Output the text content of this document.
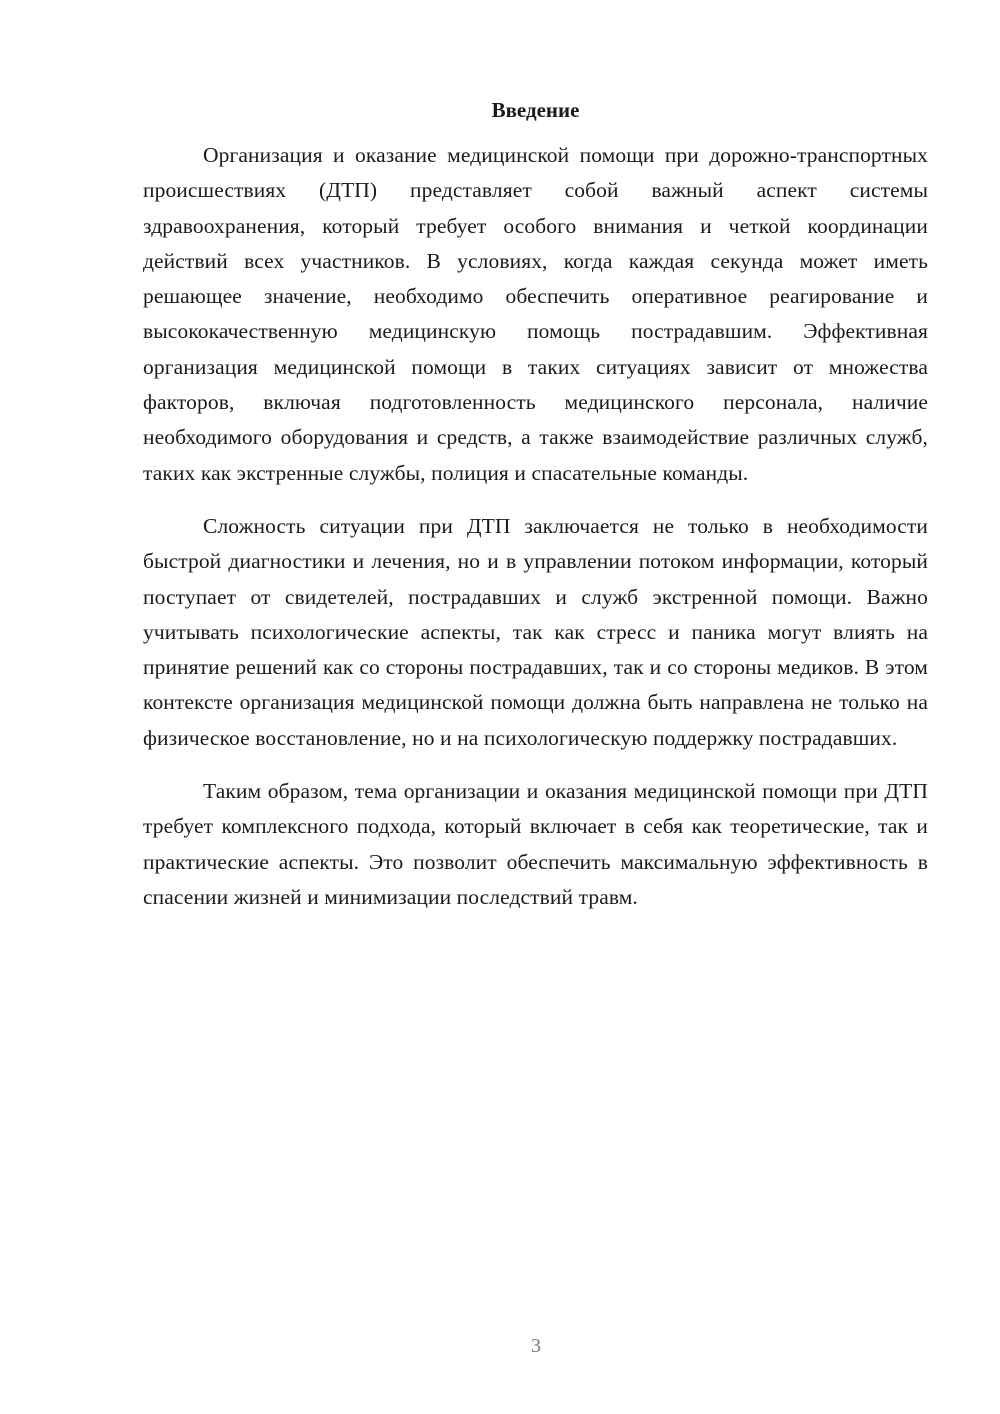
Введение

Организация и оказание медицинской помощи при дорожно-транспортных происшествиях (ДТП) представляет собой важный аспект системы здравоохранения, который требует особого внимания и четкой координации действий всех участников. В условиях, когда каждая секунда может иметь решающее значение, необходимо обеспечить оперативное реагирование и высококачественную медицинскую помощь пострадавшим. Эффективная организация медицинской помощи в таких ситуациях зависит от множества факторов, включая подготовленность медицинского персонала, наличие необходимого оборудования и средств, а также взаимодействие различных служб, таких как экстренные службы, полиция и спасательные команды.

Сложность ситуации при ДТП заключается не только в необходимости быстрой диагностики и лечения, но и в управлении потоком информации, который поступает от свидетелей, пострадавших и служб экстренной помощи. Важно учитывать психологические аспекты, так как стресс и паника могут влиять на принятие решений как со стороны пострадавших, так и со стороны медиков. В этом контексте организация медицинской помощи должна быть направлена не только на физическое восстановление, но и на психологическую поддержку пострадавших.

Таким образом, тема организации и оказания медицинской помощи при ДТП требует комплексного подхода, который включает в себя как теоретические, так и практические аспекты. Это позволит обеспечить максимальную эффективность в спасении жизней и минимизации последствий травм.

3
